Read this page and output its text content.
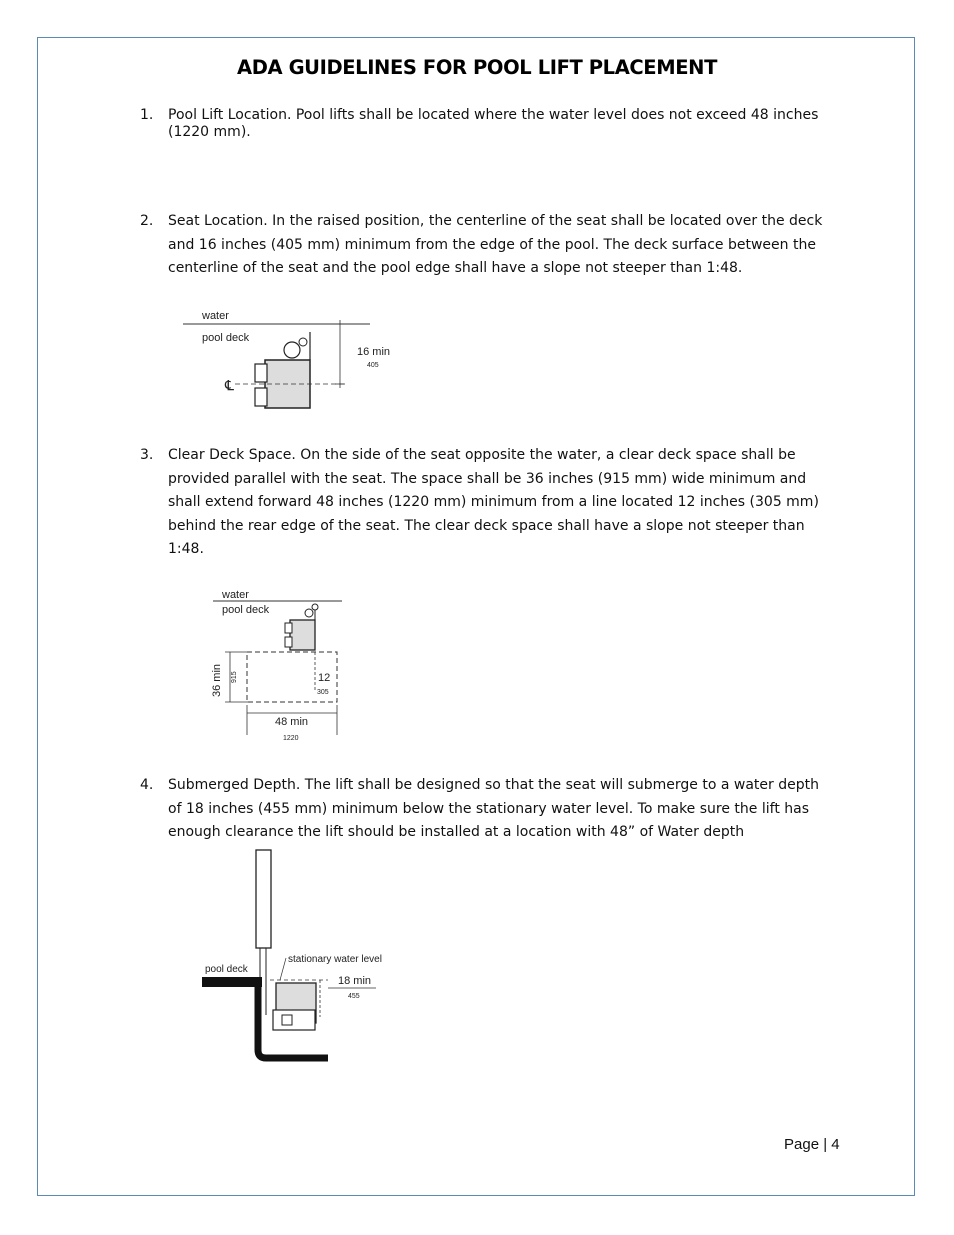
ADA GUIDELINES FOR POOL LIFT PLACEMENT
1. Pool Lift Location. Pool lifts shall be located where the water level does not exceed 48 inches (1220 mm).
2. Seat Location. In the raised position, the centerline of the seat shall be located over the deck and 16 inches (405 mm) minimum from the edge of the pool. The deck surface between the centerline of the seat and the pool edge shall have a slope not steeper than 1:48.
water
pool deck
℄
16 min
405
3. Clear Deck Space. On the side of the seat opposite the water, a clear deck space shall be provided parallel with the seat. The space shall be 36 inches (915 mm) wide minimum and shall extend forward 48 inches (1220 mm) minimum from a line located 12 inches (305 mm) behind the rear edge of the seat. The clear deck space shall have a slope not steeper than 1:48.
water
pool deck
36 min 915	12
305
48 min
1220
4. Submerged Depth. The lift shall be designed so that the seat will submerge to a water depth of 18 inches (455 mm) minimum below the stationary water level. To make sure the lift has enough clearance the lift should be installed at a location with 48” of Water depth
pool deck
stationary water level
18 min
455
Page | 4
